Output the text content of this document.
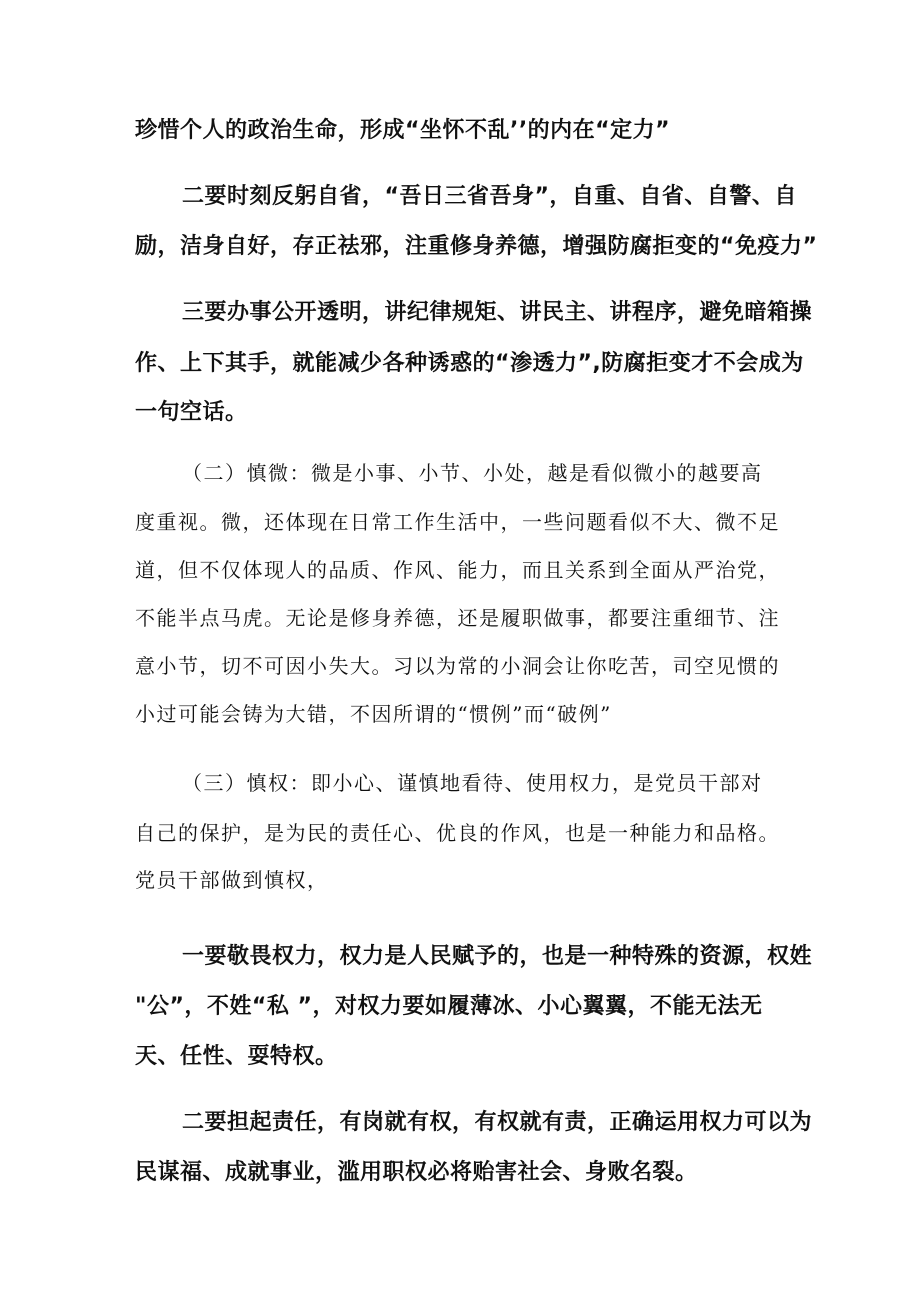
珍惜个人的政治生命，形成“坐怀不乱’’的内在“定力”

二要时刻反躬自省，“吾日三省吾身”，自重、自省、自警、自

励，洁身自好，存正祛邪，注重修身养德，增强防腐拒变的“免疫力”

三要办事公开透明，讲纪律规矩、讲民主、讲程序，避免暗箱操

作、上下其手，就能减少各种诱惑的“渗透力”,防腐拒变才不会成为

一句空话。

（二）慎微：微是小事、小节、小处，越是看似微小的越要高

度重视。微，还体现在日常工作生活中，一些问题看似不大、微不足

道，但不仅体现人的品质、作风、能力，而且关系到全面从严治党，

不能半点马虎。无论是修身养德，还是履职做事，都要注重细节、注

意小节，切不可因小失大。习以为常的小洞会让你吃苦，司空见惯的

小过可能会铸为大错，不因所谓的“惯例”而“破例”

（三）慎权：即小心、谨慎地看待、使用权力，是党员干部对

自己的保护，是为民的责任心、优良的作风，也是一种能力和品格。

党员干部做到慎权，

一要敬畏权力，权力是人民赋予的，也是一种特殊的资源，权姓

"公”，不姓“私 ”，对权力要如履薄冰、小心翼翼，不能无法无

天、任性、耍特权。

二要担起责任，有岗就有权，有权就有责，正确运用权力可以为

民谋福、成就事业，滥用职权必将贻害社会、身败名裂。
